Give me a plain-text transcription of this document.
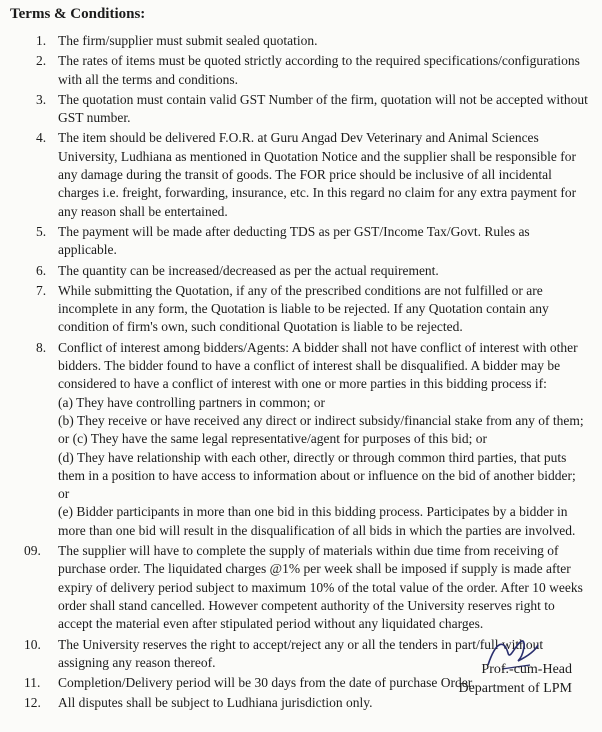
Terms & Conditions:
1. The firm/supplier must submit sealed quotation.
2. The rates of items must be quoted strictly according to the required specifications/configurations with all the terms and conditions.
3. The quotation must contain valid GST Number of the firm, quotation will not be accepted without GST number.
4. The item should be delivered F.O.R. at Guru Angad Dev Veterinary and Animal Sciences University, Ludhiana as mentioned in Quotation Notice and the supplier shall be responsible for any damage during the transit of goods. The FOR price should be inclusive of all incidental charges i.e. freight, forwarding, insurance, etc. In this regard no claim for any extra payment for any reason shall be entertained.
5. The payment will be made after deducting TDS as per GST/Income Tax/Govt. Rules as applicable.
6. The quantity can be increased/decreased as per the actual requirement.
7. While submitting the Quotation, if any of the prescribed conditions are not fulfilled or are incomplete in any form, the Quotation is liable to be rejected. If any Quotation contain any condition of firm's own, such conditional Quotation is liable to be rejected.
8. Conflict of interest among bidders/Agents: A bidder shall not have conflict of interest with other bidders. The bidder found to have a conflict of interest shall be disqualified. A bidder may be considered to have a conflict of interest with one or more parties in this bidding process if:
(a) They have controlling partners in common; or
(b) They receive or have received any direct or indirect subsidy/financial stake from any of them; or (c) They have the same legal representative/agent for purposes of this bid; or
(d) They have relationship with each other, directly or through common third parties, that puts them in a position to have access to information about or influence on the bid of another bidder; or
(e) Bidder participants in more than one bid in this bidding process. Participates by a bidder in more than one bid will result in the disqualification of all bids in which the parties are involved.
09. The supplier will have to complete the supply of materials within due time from receiving of purchase order. The liquidated charges @1% per week shall be imposed if supply is made after expiry of delivery period subject to maximum 10% of the total value of the order. After 10 weeks order shall stand cancelled. However competent authority of the University reserves right to accept the material even after stipulated period without any liquidated charges.
10. The University reserves the right to accept/reject any or all the tenders in part/full without assigning any reason thereof.
11. Completion/Delivery period will be 30 days from the date of purchase Order.
12. All disputes shall be subject to Ludhiana jurisdiction only.
Prof.-cum-Head
Department of LPM
